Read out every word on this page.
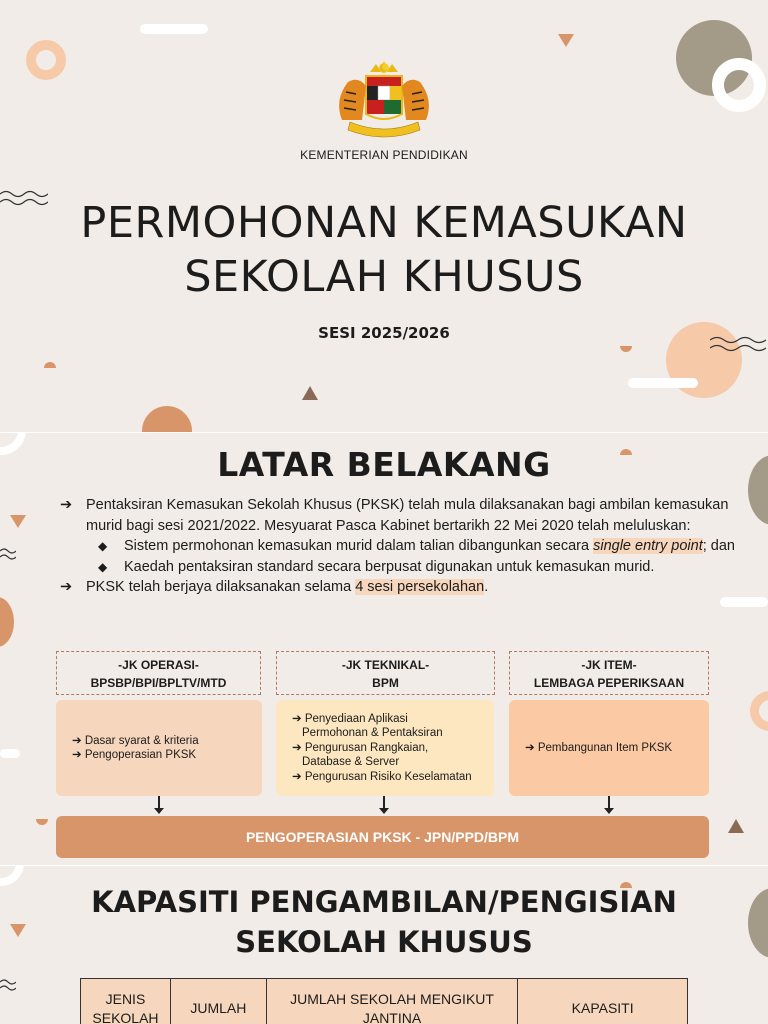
KEMENTERIAN PENDIDIKAN
PERMOHONAN KEMASUKAN
SEKOLAH KHUSUS
SESI 2025/2026
LATAR BELAKANG
➔ Pentaksiran Kemasukan Sekolah Khusus (PKSK) telah mula dilaksanakan bagi ambilan kemasukan murid bagi sesi 2021/2022. Mesyuarat Pasca Kabinet bertarikh 22 Mei 2020 telah meluluskan:
◆ Sistem permohonan kemasukan murid dalam talian dibangunkan secara single entry point; dan
◆ Kaedah pentaksiran standard secara berpusat digunakan untuk kemasukan murid.
➔ PKSK telah berjaya dilaksanakan selama 4 sesi persekolahan.
-JK OPERASI-
BPSBP/BPI/BPLTV/MTD
-JK TEKNIKAL-
BPM
-JK ITEM-
LEMBAGA PEPERIKSAAN
➔ Dasar syarat & kriteria
➔ Pengoperasian PKSK
➔ Penyediaan Aplikasi
Permohonan & Pentaksiran
➔ Pengurusan Rangkaian,
Database & Server
➔ Pengurusan Risiko Keselamatan
➔ Pembangunan Item PKSK
PENGOPERASIAN PKSK - JPN/PPD/BPM
KAPASITI PENGAMBILAN/PENGISIAN
SEKOLAH KHUSUS
JENIS SEKOLAH	JUMLAH	JUMLAH SEKOLAH MENGIKUT JANTINA	KAPASITI
